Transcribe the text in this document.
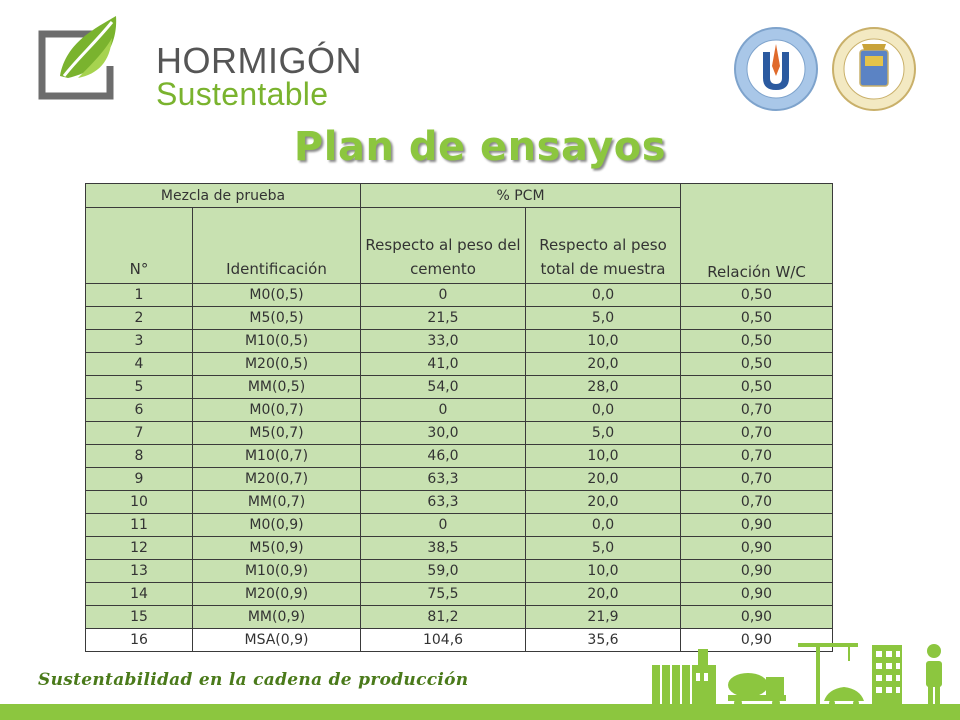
HORMIGÓN
Sustentable
Plan de ensayos
Mezcla de prueba		% PCM		Relación W/C
N°	Identificación	Respecto al peso del cemento	Respecto al peso total de muestra	
1	M0(0,5)	0	0,0	0,50
2	M5(0,5)	21,5	5,0	0,50
3	M10(0,5)	33,0	10,0	0,50
4	M20(0,5)	41,0	20,0	0,50
5	MM(0,5)	54,0	28,0	0,50
6	M0(0,7)	0	0,0	0,70
7	M5(0,7)	30,0	5,0	0,70
8	M10(0,7)	46,0	10,0	0,70
9	M20(0,7)	63,3	20,0	0,70
10	MM(0,7)	63,3	20,0	0,70
11	M0(0,9)	0	0,0	0,90
12	M5(0,9)	38,5	5,0	0,90
13	M10(0,9)	59,0	10,0	0,90
14	M20(0,9)	75,5	20,0	0,90
15	MM(0,9)	81,2	21,9	0,90
16	MSA(0,9)	104,6	35,6	0,90
Sustentabilidad en la cadena de producción
